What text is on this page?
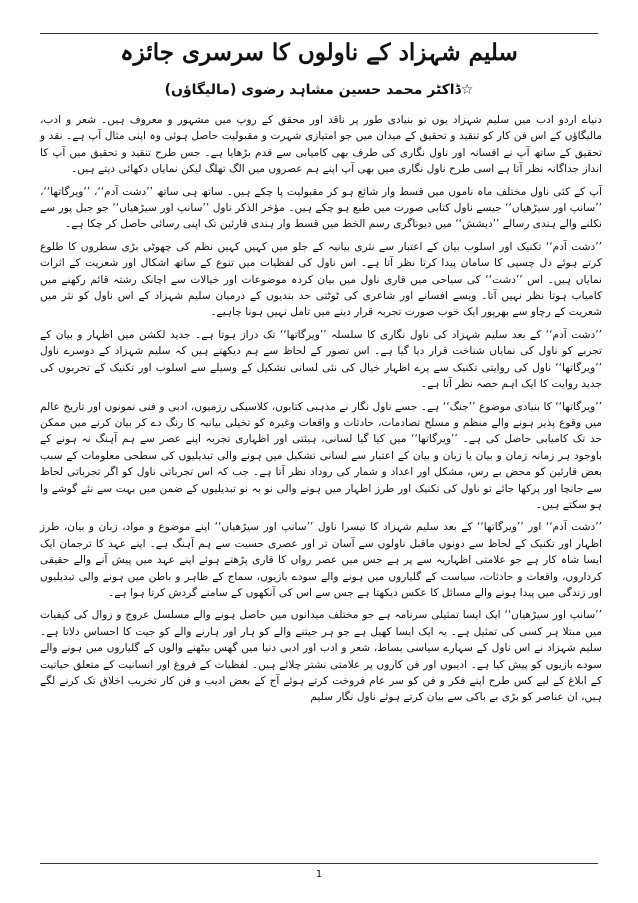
سلیم شہزاد کے ناولوں کا سرسری جائزہ
☆ڈاکٹر محمد حسین مشاہد رضوی (مالیگاؤں)

دنیاے اردو ادب میں سلیم شہزاد یوں تو بنیادی طور پر ناقد اور محقق کے روپ میں مشہور و معروف ہیں۔ شعر و ادب، مالیگاؤں کے اس فن کار کو تنقید و تحقیق کے میدان میں جو امتیازی شہرت و مقبولیت حاصل ہوئی وہ اپنی مثال آپ ہے۔ نقد و تحقیق کے ساتھ آپ نے افسانہ اور ناول نگاری کی طرف بھی کامیابی سے قدم بڑھایا ہے۔ جس طرح تنقید و تحقیق میں آپ کا انداز جداگانہ نظر آتا ہے اسی طرح ناول نگاری میں بھی آپ اپنے ہم عصروں میں الگ تھلگ لیکن نمایاں دکھائی دیتے ہیں۔

آپ کے کئی ناول مختلف ماہ ناموں میں قسط وار شائع ہو کر مقبولیت پا چکے ہیں۔ ساتھ ہی ساتھ ’’دشت آدم‘‘، ’’ویرگاتھا‘‘، ’’سانپ اور سیڑھیاں‘‘ جیسے ناول کتابی صورت میں طبع ہو چکے ہیں۔ مؤخر الذکر ناول ’’سانپ اور سیڑھیاں‘‘ جو جبل پور سے نکلنے والے ہندی رسالے ’’دیشش‘‘ میں دیوناگری رسم الخط میں قسط وار ہندی قارئین تک اپنی رسائی حاصل کر چکا ہے۔

’’دشت آدم‘‘ تکنیک اور اسلوب بیان کے اعتبار سے نثری بیانیہ کے جلو میں کہیں کہیں نظم کی چھوٹی بڑی سطروں کا طلوع کرتے ہوئے دل چسپی کا سامان پیدا کرتا نظر آتا ہے۔ اس ناول کی لفظیات میں تنوع کے ساتھ اشکال اور شعریت کے اثرات نمایاں ہیں۔ اس ’’دشت‘‘ کی سیاحی میں قاری ناول میں بیان کردہ موضوعات اور خیالات سے اچانک رشتہ قائم رکھنے میں کامیاب ہوتا نظر نہیں آتا۔ ویسے افسانے اور شاعری کی ٹوٹتی حد بندیوں کے درمیان سلیم شہزاد کے اس ناول کو نثر میں شعریت کے رچاو سے بھرپور ایک خوب صورت تجربہ قرار دینے میں تامل نہیں ہونا چاہیے۔

’’دشت آدم‘‘ کے بعد سلیم شہزاد کی ناول نگاری کا سلسلہ ’’ویرگاتھا‘‘ تک دراز ہوتا ہے۔ جدید لکشن میں اظہار و بیان کے تجربے کو ناول کی نمایاں شناخت قرار دیا گیا ہے۔ اس تصور کے لحاظ سے ہم دیکھتے ہیں کہ سلیم شہزاد کے دوسرے ناول ’’ویرگاتھا‘‘ ناول کی روایتی تکنیک سے پرے اظہار خیال کی نئی لسانی تشکیل کے وسیلے سے اسلوب اور تکنیک کے تجربوں کی جدید روایت کا ایک اہم حصہ نظر آتا ہے۔

’’ویرگاتھا‘‘ کا بنیادی موضوع ’’جنگ‘‘ ہے۔ جسے ناول نگار نے مذہبی کتابوں، کلاسیکی رزمیوں، ادبی و فنی نمونوں اور تاریخ عالم میں وقوع پذیر ہونے والے منظم و مسلح تصادمات، حادثات و واقعات وغیرہ کو تخیلی بیانیہ کا رنگ دے کر بیان کرنے میں ممکن حد تک کامیابی حاصل کی ہے۔ ’’ویرگاتھا‘‘ میں کیا گیا لسانی، ہیئتی اور اظہاری تجربہ اپنے عصر سے ہم آہنگ نہ ہونے کے باوجود ہر زمانہ زمان و بیان یا زبان و بیان کے اعتبار سے لسانی تشکیل میں ہونے والی تبدیلیوں کی سطحی معلومات کے سبب بعض قارئین کو محض بے رس، مشکل اور اعداد و شمار کی روداد نظر آتا ہے۔ جب کہ اس تجرباتی ناول کو اگر تجرباتی لحاظ سے جانچا اور پرکھا جائے تو ناول کی تکنیک اور طرز اظہار میں ہونے والی نو بہ نو تبدیلیوں کے ضمن میں بہت سے نئے گوشے وا ہو سکتے ہیں۔

’’دشت آدم‘‘ اور ’’ویرگاتھا‘‘ کے بعد سلیم شہزاد کا تیسرا ناول ’’سانپ اور سیڑھیاں‘‘ اپنے موضوع و مواد، زبان و بیان، طرز اظہار اور تکنیک کے لحاظ سے دونوں ماقبل ناولوں سے آسان تر اور عصری حسیت سے ہم آہنگ ہے۔ اپنے عہد کا ترجمان ایک ایسا شاہ کار ہے جو علامتی اظہاریہ سے پر ہے جس میں عصر رواں کا قاری پڑھتے ہوئے اپنے عہد میں پیش آنے والے حقیقی کرداروں، واقعات و حادثات، سیاست کے گلیاروں میں ہونے والے سودے بازیوں، سماج کے ظاہر و باطن میں ہونے والی تبدیلیوں اور زندگی میں پیدا ہونے والے مسائل کا عکس دیکھتا ہے جس سے اس کی آنکھوں کے سامنے گردش کرتا ہوا ہے۔

’’سانپ اور سیڑھیاں‘‘ ایک ایسا تمثیلی سرنامہ ہے جو مختلف میدانوں میں حاصل ہونے والے مسلسل عروج و زوال کی کیفیات میں مبتلا ہر کسی کی تمثیل ہے۔ یہ ایک ایسا کھیل ہے جو ہر جیتنے والے کو ہار اور ہارنے والے کو جیت کا احساس دلاتا ہے۔ سلیم شہزاد نے اس ناول کے سہارے سیاسی بساط، شعر و ادب اور ادبی دنیا میں گھس بیٹھنے والوں کے گلیاروں میں ہونے والے سودے بازیوں کو پیش کیا ہے۔ ادیبوں اور فن کاروں پر علامتی نشتر چلائے ہیں۔ لفظیات کے فروغ اور انسانیت کے متعلق حیاتیت کے ابلاغ کے لیے کس طرح اپنے فکر و فن کو سر عام فروخت کرتے ہوئے آج کے بعض ادیب و فن کار تخریب اخلاق تک کرنے لگے ہیں، ان عناصر کو بڑی بے باکی سے بیان کرتے ہوئے ناول نگار سلیم

1
